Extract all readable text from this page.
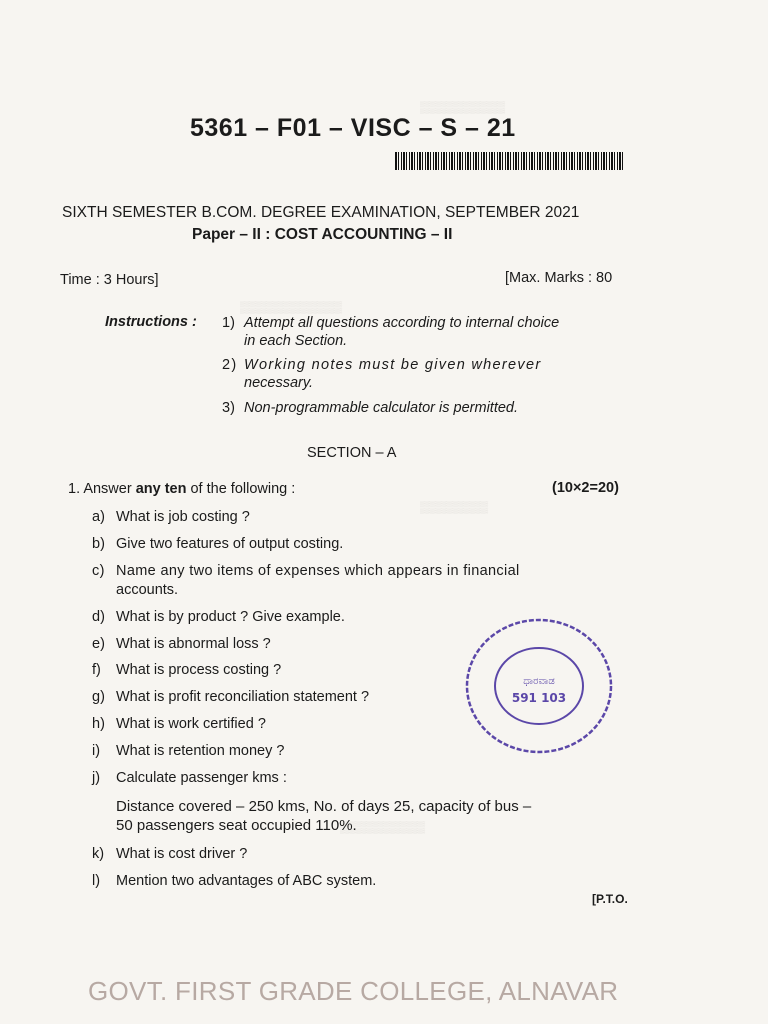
▒▒▒▒▒▒▒▒▒▒
▒▒▒▒▒▒▒▒▒▒▒▒
▒▒▒▒▒▒▒▒
▒▒▒▒▒▒▒▒▒▒
5361 – F01 – VISC – S – 21
SIXTH SEMESTER B.COM. DEGREE EXAMINATION, SEPTEMBER 2021
Paper – II : COST ACCOUNTING – II
Time : 3 Hours]	[Max. Marks : 80
Instructions : 1) Attempt all questions according to internal choice
in each Section.
2) Working notes must be given wherever
necessary.
3) Non-programmable calculator is permitted.
SECTION – A
1. Answer any ten of the following :	(10×2=20)
a) What is job costing ?
b) Give two features of output costing.
c) Name any two items of expenses which appears in financial
accounts.
d) What is by product ? Give example.
e) What is abnormal loss ?
f) What is process costing ?
g) What is profit reconciliation statement ?
h) What is work certified ?
i) What is retention money ?
j) Calculate passenger kms :
Distance covered – 250 kms, No. of days 25, capacity of bus –
50 passengers seat occupied 110%.
k) What is cost driver ?
l) Mention two advantages of ABC system.
[P.T.O.
ಧಾರವಾಡ
591 103
GOVT. FIRST GRADE COLLEGE, ALNAVAR
